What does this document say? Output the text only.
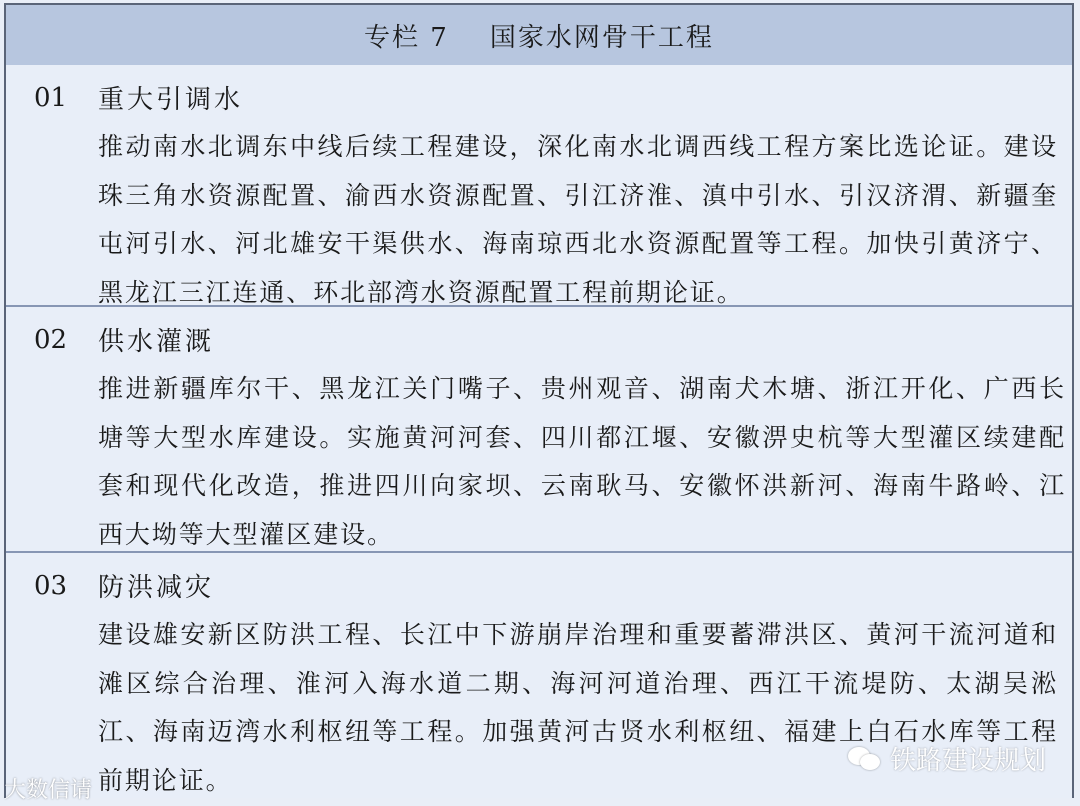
专栏 7
国家水网骨干工程
01	重大引调水
推动南水北调东中线后续工程建设，深化南水北调西线工程方案比选论证。建设珠三角水资源配置、渝西水资源配置、引江济淮、滇中引水、引汉济渭、新疆奎屯河引水、河北雄安干渠供水、海南琼西北水资源配置等工程。加快引黄济宁、黑龙江三江连通、环北部湾水资源配置工程前期论证。
02	供水灌溉
推进新疆库尔干、黑龙江关门嘴子、贵州观音、湖南犬木塘、浙江开化、广西长塘等大型水库建设。实施黄河河套、四川都江堰、安徽淠史杭等大型灌区续建配套和现代化改造，推进四川向家坝、云南耿马、安徽怀洪新河、海南牛路岭、江西大坳等大型灌区建设。
03	防洪减灾
建设雄安新区防洪工程、长江中下游崩岸治理和重要蓄滞洪区、黄河干流河道和滩区综合治理、淮河入海水道二期、海河河道治理、西江干流堤防、太湖吴淞江、海南迈湾水利枢纽等工程。加强黄河古贤水利枢纽、福建上白石水库等工程前期论证。
铁路建设规划
大数信请
